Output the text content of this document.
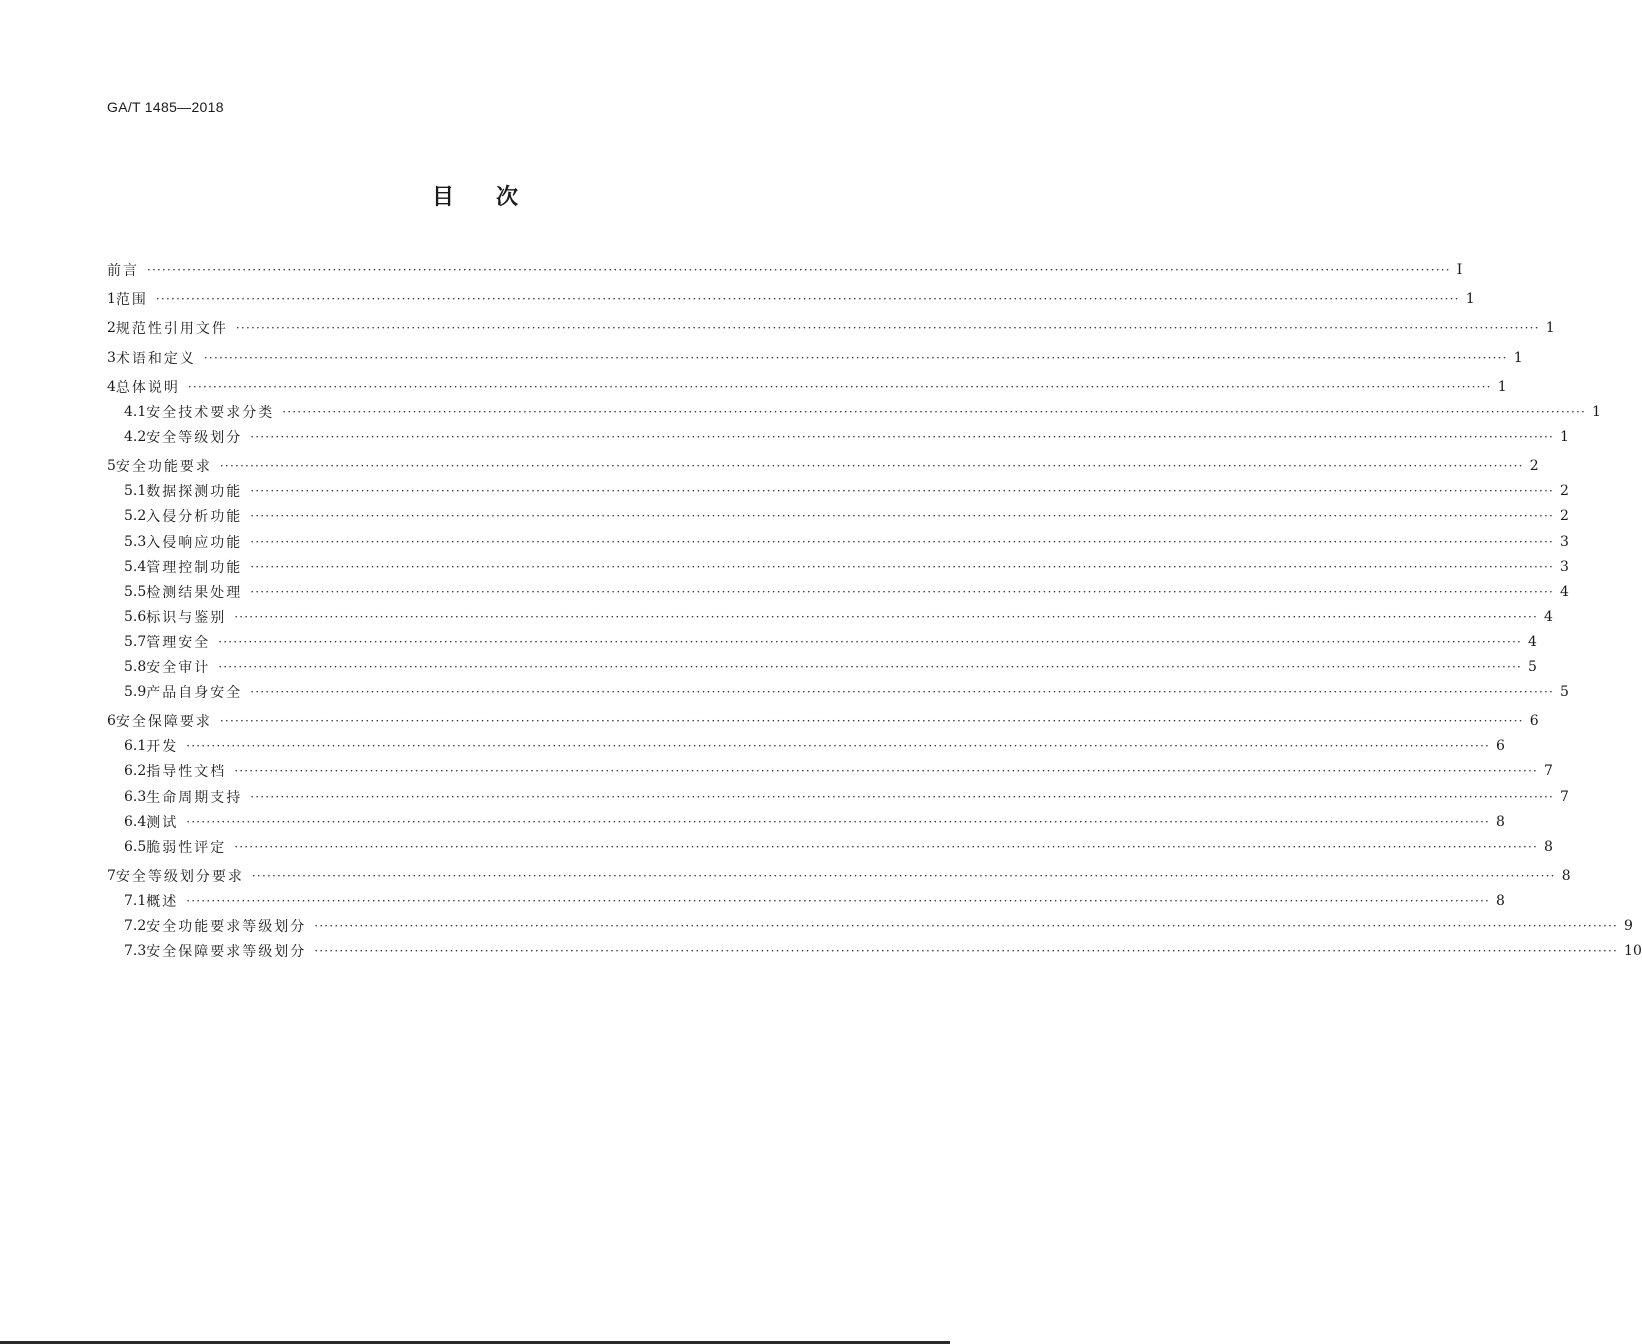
GA/T 1485—2018
目次
前言 ···································································································································································································································································· Ⅰ
1 范围 ···································································································································································································································································· 1
2 规范性引用文件 ···································································································································································································································································· 1
3 术语和定义 ···································································································································································································································································· 1
4 总体说明 ···································································································································································································································································· 1
4.1 安全技术要求分类 ···································································································································································································································································· 1
4.2 安全等级划分 ···································································································································································································································································· 1
5 安全功能要求 ···································································································································································································································································· 2
5.1 数据探测功能 ···································································································································································································································································· 2
5.2 入侵分析功能 ···································································································································································································································································· 2
5.3 入侵响应功能 ···································································································································································································································································· 3
5.4 管理控制功能 ···································································································································································································································································· 3
5.5 检测结果处理 ···································································································································································································································································· 4
5.6 标识与鉴别 ···································································································································································································································································· 4
5.7 管理安全 ···································································································································································································································································· 4
5.8 安全审计 ···································································································································································································································································· 5
5.9 产品自身安全 ···································································································································································································································································· 5
6 安全保障要求 ···································································································································································································································································· 6
6.1 开发 ···································································································································································································································································· 6
6.2 指导性文档 ···································································································································································································································································· 7
6.3 生命周期支持 ···································································································································································································································································· 7
6.4 测试 ···································································································································································································································································· 8
6.5 脆弱性评定 ···································································································································································································································································· 8
7 安全等级划分要求 ···································································································································································································································································· 8
7.1 概述 ···································································································································································································································································· 8
7.2 安全功能要求等级划分 ···································································································································································································································································· 9
7.3 安全保障要求等级划分 ···································································································································································································································································· 10
